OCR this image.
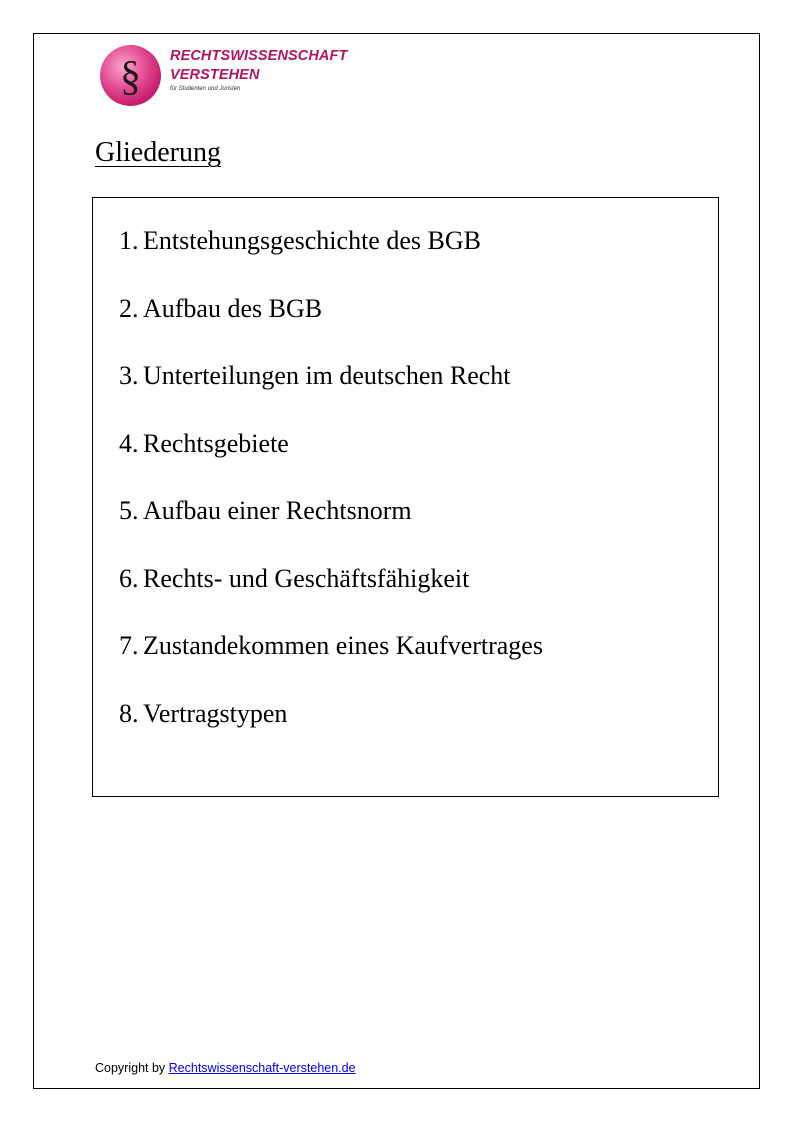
§ RECHTSWISSENSCHAFT
VERSTEHEN
für Studenten und Juristen
Gliederung
1. Entstehungsgeschichte des BGB
2. Aufbau des BGB
3. Unterteilungen im deutschen Recht
4. Rechtsgebiete
5. Aufbau einer Rechtsnorm
6. Rechts- und Geschäftsfähigkeit
7. Zustandekommen eines Kaufvertrages
8. Vertragstypen
Copyright by Rechtswissenschaft-verstehen.de
